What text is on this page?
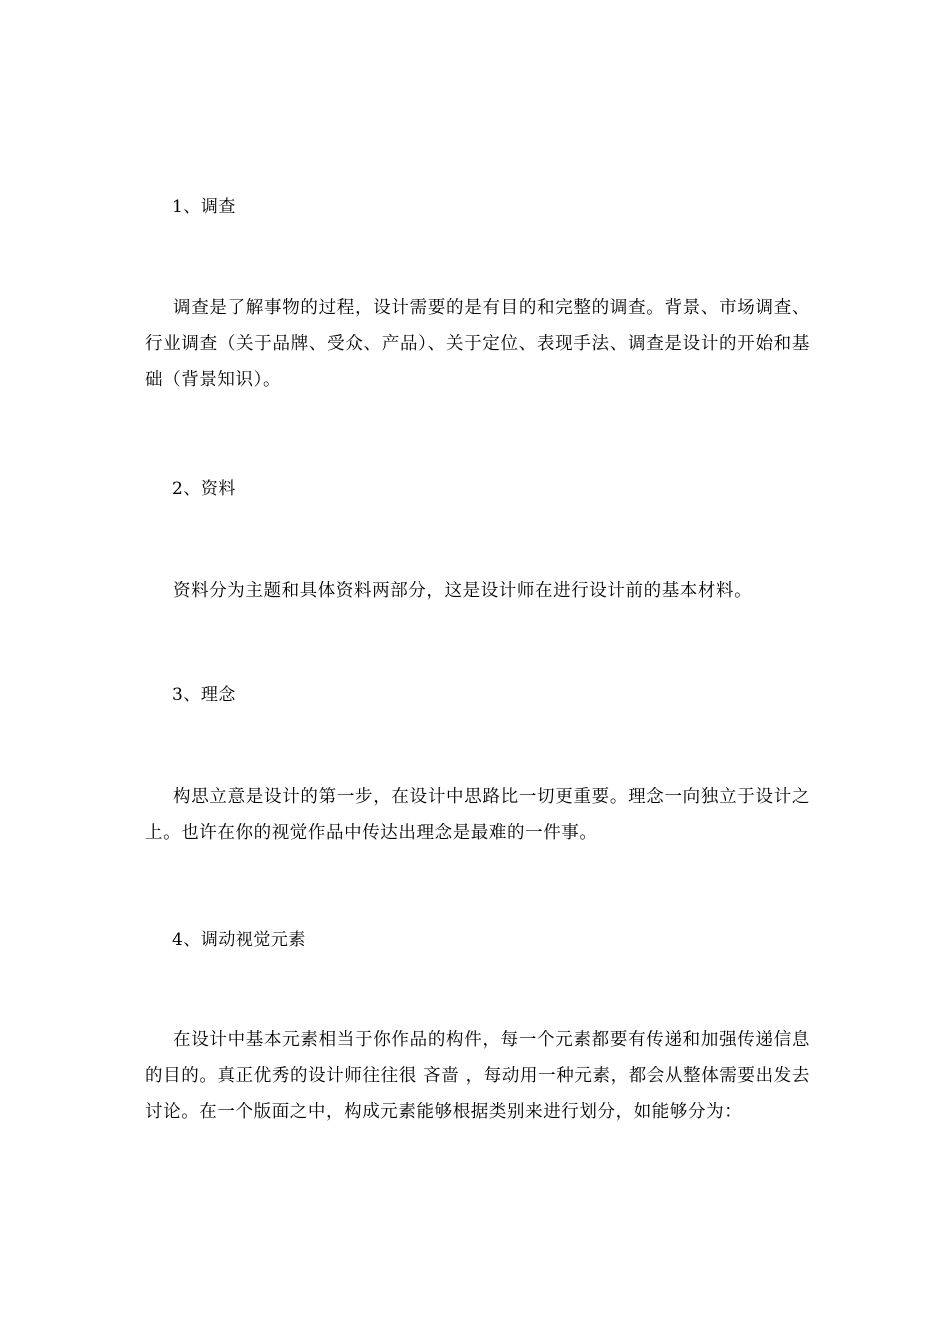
1、调查
调查是了解事物的过程，设计需要的是有目的和完整的调查。背景、市场调查、行业调查（关于品牌、受众、产品）、关于定位、表现手法、调查是设计的开始和基础（背景知识）。
2、资料
资料分为主题和具体资料两部分，这是设计师在进行设计前的基本材料。
3、理念
构思立意是设计的第一步，在设计中思路比一切更重要。理念一向独立于设计之上。也许在你的视觉作品中传达出理念是最难的一件事。
4、调动视觉元素
在设计中基本元素相当于你作品的构件，每一个元素都要有传递和加强传递信息的目的。真正优秀的设计师往往很 吝啬 ，每动用一种元素，都会从整体需要出发去讨论。在一个版面之中，构成元素能够根据类别来进行划分，如能够分为：
